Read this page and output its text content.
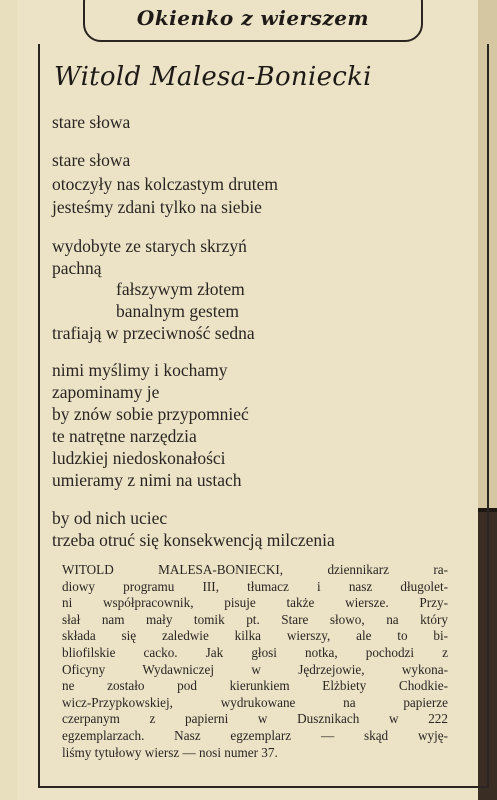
Okienko z wierszem
Witold Malesa-Boniecki
stare słowa
stare słowa
otoczyły nas kolczastym drutem
jesteśmy zdani tylko na siebie
wydobyte ze starych skrzyń
pachną
fałszywym złotem
banalnym gestem
trafiają w przeciwność sedna
nimi myślimy i kochamy
zapominamy je
by znów sobie przypomnieć
te natrętne narzędzia
ludzkiej niedoskonałości
umieramy z nimi na ustach
by od nich uciec
trzeba otruć się konsekwencją milczenia
WITOLD MALESA-BONIECKI, dziennikarz ra-
diowy programu III, tłumacz i nasz długolet-
ni współpracownik, pisuje także wiersze. Przy-
słał nam mały tomik pt. Stare słowo, na który
składa się zaledwie kilka wierszy, ale to bi-
bliofilskie cacko. Jak głosi notka, pochodzi z
Oficyny Wydawniczej w Jędrzejowie, wykona-
ne zostało pod kierunkiem Elżbiety Chodkie-
wicz-Przypkowskiej, wydrukowane na papierze
czerpanym z papierni w Dusznikach w 222
egzemplarzach. Nasz egzemplarz — skąd wyję-
liśmy tytułowy wiersz — nosi numer 37.
